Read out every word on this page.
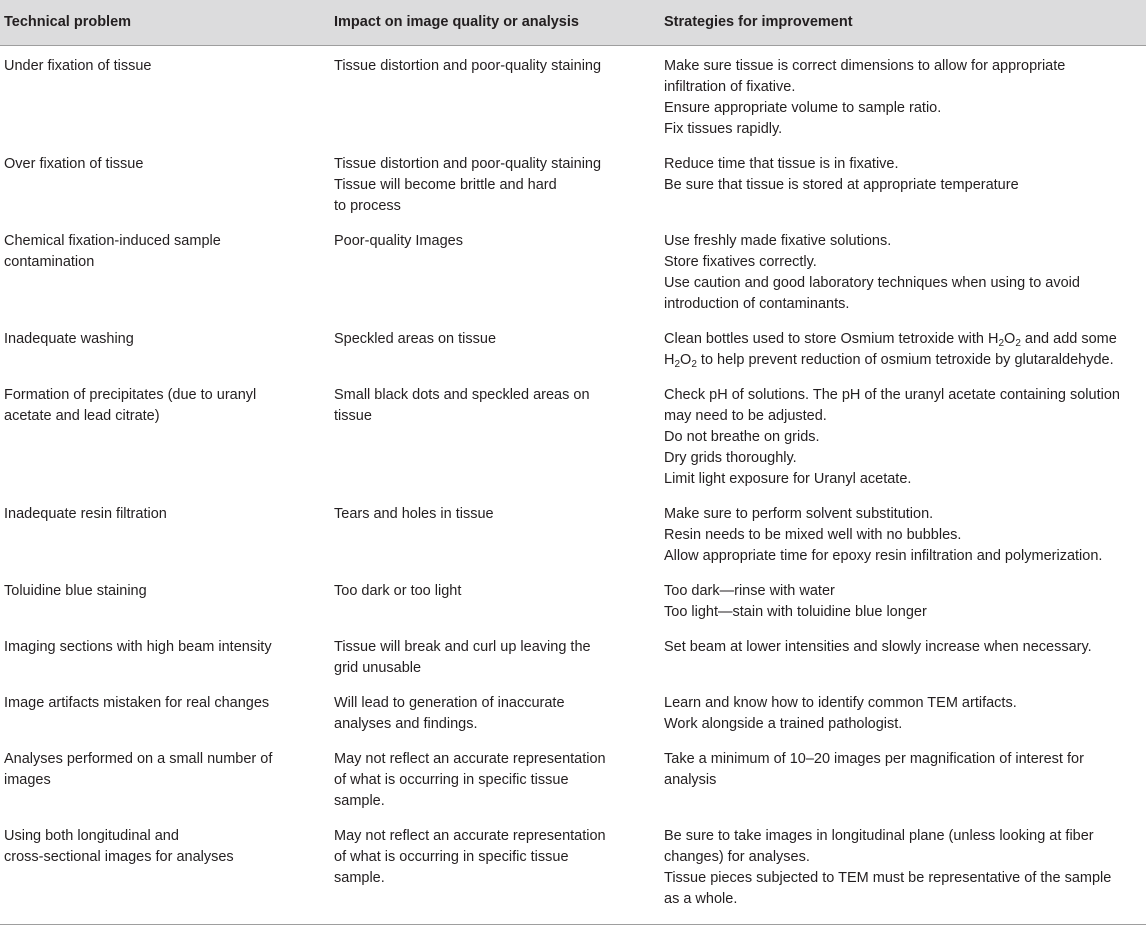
Technical problem	Impact on image quality or analysis	Strategies for improvement

Under fixation of tissue	Tissue distortion and poor-quality staining	Make sure tissue is correct dimensions to allow for appropriate
infiltration of fixative.
Ensure appropriate volume to sample ratio.
Fix tissues rapidly.

Over fixation of tissue	Tissue distortion and poor-quality staining
Tissue will become brittle and hard
to process	Reduce time that tissue is in fixative.
Be sure that tissue is stored at appropriate temperature

Chemical fixation-induced sample
contamination	Poor-quality Images	Use freshly made fixative solutions.
Store fixatives correctly.
Use caution and good laboratory techniques when using to avoid
introduction of contaminants.

Inadequate washing	Speckled areas on tissue	Clean bottles used to store Osmium tetroxide with $H_2O_2$ and add some
$H_2O_2$ to help prevent reduction of osmium tetroxide by glutaraldehyde.

Formation of precipitates (due to uranyl
acetate and lead citrate)	Small black dots and speckled areas on
tissue	Check pH of solutions. The pH of the uranyl acetate containing solution
may need to be adjusted.
Do not breathe on grids.
Dry grids thoroughly.
Limit light exposure for Uranyl acetate.

Inadequate resin filtration	Tears and holes in tissue	Make sure to perform solvent substitution.
Resin needs to be mixed well with no bubbles.
Allow appropriate time for epoxy resin infiltration and polymerization.

Toluidine blue staining	Too dark or too light	Too dark—rinse with water
Too light—stain with toluidine blue longer

Imaging sections with high beam intensity	Tissue will break and curl up leaving the
grid unusable	Set beam at lower intensities and slowly increase when necessary.

Image artifacts mistaken for real changes	Will lead to generation of inaccurate
analyses and findings.	Learn and know how to identify common TEM artifacts.
Work alongside a trained pathologist.

Analyses performed on a small number of
images	May not reflect an accurate representation
of what is occurring in specific tissue
sample.	Take a minimum of 10–20 images per magnification of interest for
analysis

Using both longitudinal and
cross-sectional images for analyses	May not reflect an accurate representation
of what is occurring in specific tissue
sample.	Be sure to take images in longitudinal plane (unless looking at fiber
changes) for analyses.
Tissue pieces subjected to TEM must be representative of the sample
as a whole.
